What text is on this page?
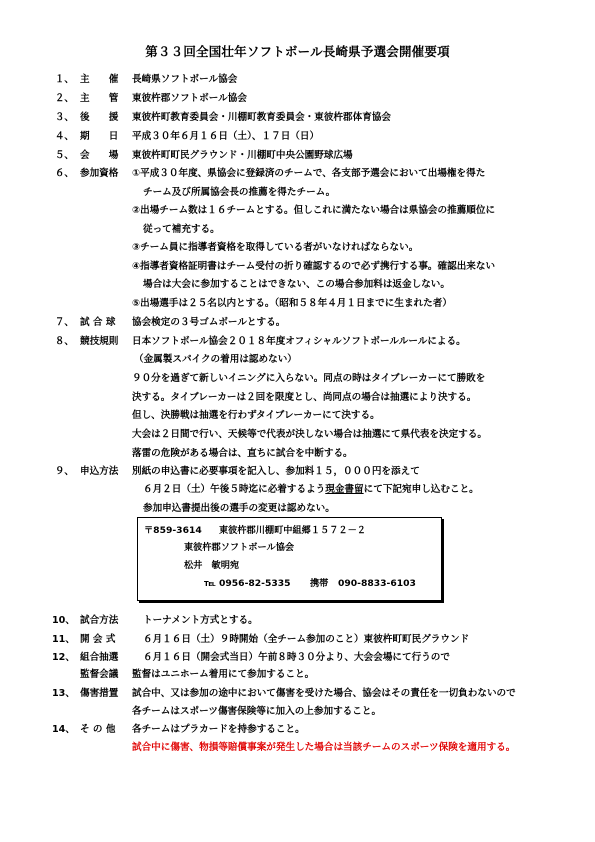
第３３回全国壮年ソフトボール長崎県予選会開催要項
１、 主　　催 長崎県ソフトボール協会
２、 主　　管 東彼杵郡ソフトボール協会
３、 後　　援 東彼杵町教育委員会・川棚町教育委員会・東彼杵郡体育協会
４、 期　　日 平成３０年６月１６日（土）、１７日（日）
５、 会　　場 東彼杵町町民グラウンド・川棚町中央公園野球広場
６、 参加資格 ①平成３０年度、県協会に登録済のチームで、各支部予選会において出場権を得た
チーム及び所属協会長の推薦を得たチーム。
②出場チーム数は１６チームとする。但しこれに満たない場合は県協会の推薦順位に
従って補充する。
③チーム員に指導者資格を取得している者がいなければならない。
④指導者資格証明書はチーム受付の折り確認するので必ず携行する事。確認出来ない
場合は大会に参加することはできない、この場合参加料は返金しない。
⑤出場選手は２５名以内とする。（昭和５８年４月１日までに生まれた者）
７、 試 合 球 協会検定の３号ゴムボールとする。
８、 競技規則 日本ソフトボール協会２０１８年度オフィシャルソフトボールルールによる。
（金属製スパイクの着用は認めない）
９０分を過ぎて新しいイニングに入らない。同点の時はタイブレーカーにて勝敗を
決する。タイブレーカーは２回を限度とし、尚同点の場合は抽選により決する。
但し、決勝戦は抽選を行わずタイブレーカーにて決する。
大会は２日間で行い、天候等で代表が決しない場合は抽選にて県代表を決定する。
落雷の危険がある場合は、直ちに試合を中断する。
９、 申込方法 別紙の申込書に必要事項を記入し、参加料１５，０００円を添えて
６月２日（土）午後５時迄に必着するよう現金書留にて下記宛申し込むこと。
参加申込書提出後の選手の変更は認めない。
〒859-3614 東彼杵郡川棚町中組郷１５７２－２
東彼杵郡ソフトボール協会
松井　敏明宛
℡ 0956-82-5335 携帯 090-8833-6103
10、 試合方法	トーナメント方式とする。
11、 開 会 式	６月１６日（土）９時開始（全チーム参加のこと）東彼杵町町民グラウンド
12、 組合抽選
監督会議
６月１６日（開会式当日）午前８時３０分より、大会会場にて行うので
監督はユニホーム着用にて参加すること。
13、 傷害措置 試合中、又は参加の途中において傷害を受けた場合、協会はその責任を一切負わないので
各チームはスポーツ傷害保険等に加入の上参加すること。
14、 そ の 他 各チームはプラカードを持参すること。
試合中に傷害、物損等賠償事案が発生した場合は当該チームのスポーツ保険を適用する。
